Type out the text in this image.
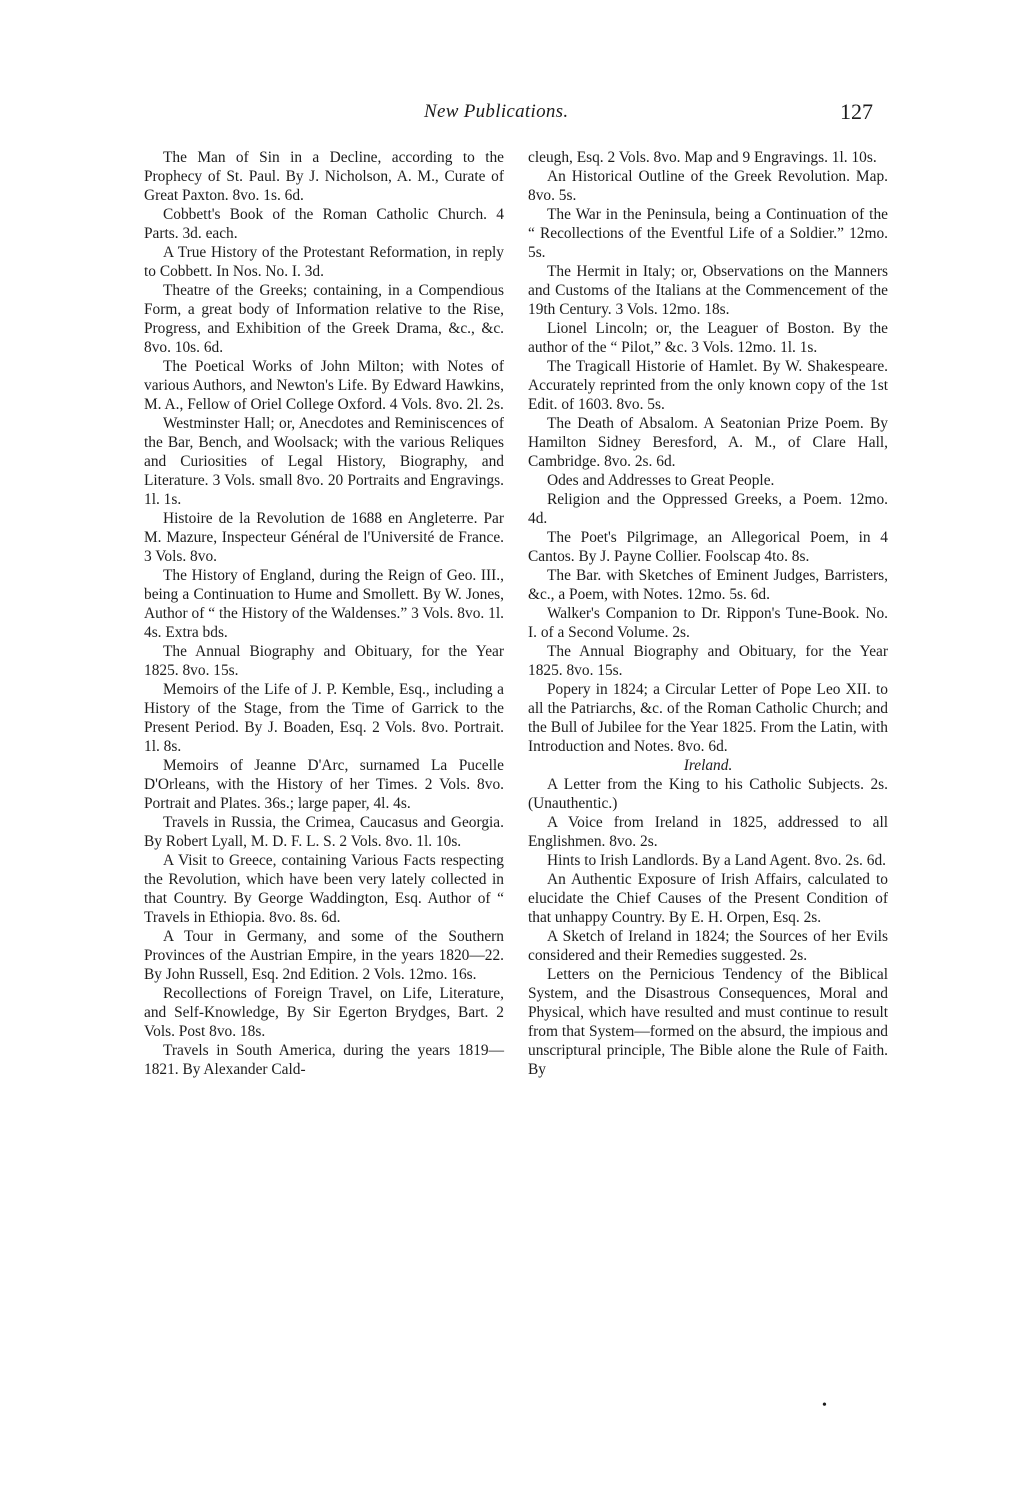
New Publications.	127

The Man of Sin in a Decline, according to the Prophecy of St. Paul. By J. Nicholson, A. M., Curate of Great Paxton. 8vo. 1s. 6d.

Cobbett's Book of the Roman Catholic Church. 4 Parts. 3d. each.

A True History of the Protestant Reformation, in reply to Cobbett. In Nos. No. I. 3d.

Theatre of the Greeks; containing, in a Compendious Form, a great body of Information relative to the Rise, Progress, and Exhibition of the Greek Drama, &c., &c. 8vo. 10s. 6d.

The Poetical Works of John Milton; with Notes of various Authors, and Newton's Life. By Edward Hawkins, M. A., Fellow of Oriel College Oxford. 4 Vols. 8vo. 2l. 2s.

Westminster Hall; or, Anecdotes and Reminiscences of the Bar, Bench, and Woolsack; with the various Reliques and Curiosities of Legal History, Biography, and Literature. 3 Vols. small 8vo. 20 Portraits and Engravings. 1l. 1s.

Histoire de la Revolution de 1688 en Angleterre. Par M. Mazure, Inspecteur Général de l'Université de France. 3 Vols. 8vo.

The History of England, during the Reign of Geo. III., being a Continuation to Hume and Smollett. By W. Jones, Author of “ the History of the Waldenses.” 3 Vols. 8vo. 1l. 4s. Extra bds.

The Annual Biography and Obituary, for the Year 1825. 8vo. 15s.

Memoirs of the Life of J. P. Kemble, Esq., including a History of the Stage, from the Time of Garrick to the Present Period. By J. Boaden, Esq. 2 Vols. 8vo. Portrait. 1l. 8s.

Memoirs of Jeanne D'Arc, surnamed La Pucelle D'Orleans, with the History of her Times. 2 Vols. 8vo. Portrait and Plates. 36s.; large paper, 4l. 4s.

Travels in Russia, the Crimea, Caucasus and Georgia. By Robert Lyall, M. D. F. L. S. 2 Vols. 8vo. 1l. 10s.

A Visit to Greece, containing Various Facts respecting the Revolution, which have been very lately collected in that Country. By George Waddington, Esq. Author of “ Travels in Ethiopia. 8vo. 8s. 6d.

A Tour in Germany, and some of the Southern Provinces of the Austrian Empire, in the years 1820—22. By John Russell, Esq. 2nd Edition. 2 Vols. 12mo. 16s.

Recollections of Foreign Travel, on Life, Literature, and Self-Knowledge, By Sir Egerton Brydges, Bart. 2 Vols. Post 8vo. 18s.

Travels in South America, during the years 1819—1821. By Alexander Cald-

cleugh, Esq. 2 Vols. 8vo. Map and 9 Engravings. 1l. 10s.

An Historical Outline of the Greek Revolution. Map. 8vo. 5s.

The War in the Peninsula, being a Continuation of the “ Recollections of the Eventful Life of a Soldier.” 12mo. 5s.

The Hermit in Italy; or, Observations on the Manners and Customs of the Italians at the Commencement of the 19th Century. 3 Vols. 12mo. 18s.

Lionel Lincoln; or, the Leaguer of Boston. By the author of the “ Pilot,” &c. 3 Vols. 12mo. 1l. 1s.

The Tragicall Historie of Hamlet. By W. Shakespeare. Accurately reprinted from the only known copy of the 1st Edit. of 1603. 8vo. 5s.

The Death of Absalom. A Seatonian Prize Poem. By Hamilton Sidney Beresford, A. M., of Clare Hall, Cambridge. 8vo. 2s. 6d.

Odes and Addresses to Great People.

Religion and the Oppressed Greeks, a Poem. 12mo. 4d.

The Poet's Pilgrimage, an Allegorical Poem, in 4 Cantos. By J. Payne Collier. Foolscap 4to. 8s.

The Bar. with Sketches of Eminent Judges, Barristers, &c., a Poem, with Notes. 12mo. 5s. 6d.

Walker's Companion to Dr. Rippon's Tune-Book. No. I. of a Second Volume. 2s.

The Annual Biography and Obituary, for the Year 1825. 8vo. 15s.

Popery in 1824; a Circular Letter of Pope Leo XII. to all the Patriarchs, &c. of the Roman Catholic Church; and the Bull of Jubilee for the Year 1825. From the Latin, with Introduction and Notes. 8vo. 6d.

Ireland.

A Letter from the King to his Catholic Subjects. 2s. (Unauthentic.)

A Voice from Ireland in 1825, addressed to all Englishmen. 8vo. 2s.

Hints to Irish Landlords. By a Land Agent. 8vo. 2s. 6d.

An Authentic Exposure of Irish Affairs, calculated to elucidate the Chief Causes of the Present Condition of that unhappy Country. By E. H. Orpen, Esq. 2s.

A Sketch of Ireland in 1824; the Sources of her Evils considered and their Remedies suggested. 2s.

Letters on the Pernicious Tendency of the Biblical System, and the Disastrous Consequences, Moral and Physical, which have resulted and must continue to result from that System—formed on the absurd, the impious and unscriptural principle, The Bible alone the Rule of Faith. By

•
